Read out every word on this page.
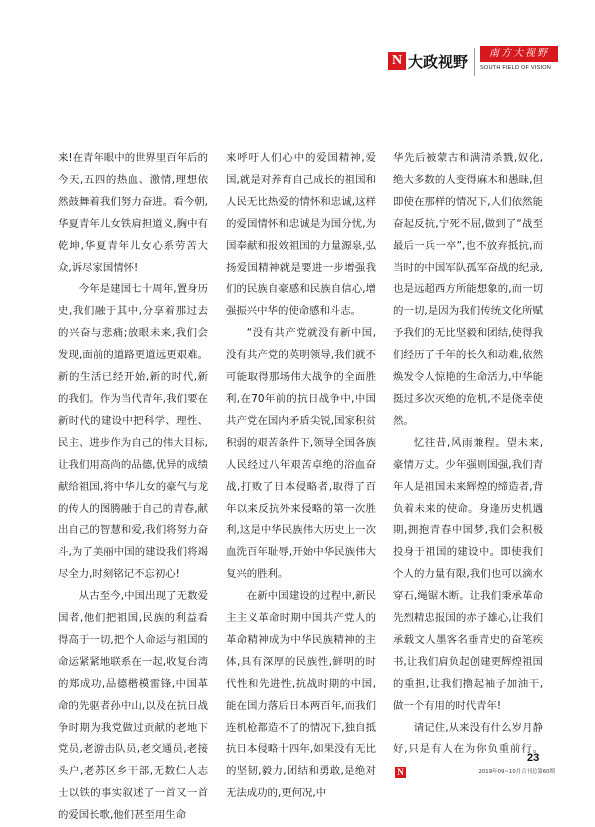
N 大政视野	南方大视野
SOUTH FIELD OF VISION

来!在青年眼中的世界里百年后的今天,五四的热血、激情,理想依然鼓舞着我们努力奋进。看今朝,华夏青年儿女铁肩担道义,胸中有乾坤,华夏青年儿女心系劳苦大众,诉尽家国情怀!

今年是建国七十周年,置身历史,我们融于其中,分享着那过去的兴奋与悲痛;放眼未来,我们会发现,面前的道路更道远更艰难。新的生活已经开始,新的时代,新的我们。作为当代青年,我们要在新时代的建设中把科学、理性、民主、进步作为自己的伟大目标,让我们用高尚的品德,优异的成绩献给祖国,将中华儿女的豪气与龙的传人的图腾融于自己的青春,献出自己的智慧和爱,我们将努力奋斗,为了美丽中国的建设我们将竭尽全力,时刻铭记不忘初心!

从古至今,中国出现了无数爱国者,他们把祖国,民族的利益看得高于一切,把个人命运与祖国的命运紧紧地联系在一起,收复台湾的郑成功,品德楷模雷锋,中国革命的先驱者孙中山,以及在抗日战争时期为我党做过贡献的老地下党员,老游击队员,老交通员,老接头户,老苏区乡干部,无数仁人志士以铁的事实叙述了一首又一首的爱国长歌,他们甚至用生命

来呼吁人们心中的爱国精神,爱国,就是对养育自己成长的祖国和人民无比热爱的情怀和忠诚,这样的爱国情怀和忠诚是为国分忧,为国奉献和报效祖国的力量源泉,弘扬爱国精神就是要进一步增强我们的民族自豪感和民族自信心,增强振兴中华的使命感和斗志。

“没有共产党就没有新中国,没有共产党的英明领导,我们就不可能取得那场伟大战争的全面胜利,在70年前的抗日战争中,中国共产党在国内矛盾尖锐,国家积贫积弱的艰苦条件下,领导全国各族人民经过八年艰苦卓绝的浴血奋战,打败了日本侵略者,取得了百年以来反抗外来侵略的第一次胜利,这是中华民族伟大历史上一次血洗百年耻辱,开始中华民族伟大复兴的胜利。

在新中国建设的过程中,新民主主义革命时期中国共产党人的革命精神成为中华民族精神的主体,具有深厚的民族性,鲜明的时代性和先进性,抗战时期的中国,能在国力落后日本两百年,而我们连机枪都造不了的情况下,独自抵抗日本侵略十四年,如果没有无比的坚韧,毅力,团结和勇敢,是绝对无法成功的,更何况,中

华先后被蒙古和满清杀戮,奴化,绝大多数的人变得麻木和愚昧,但即使在那样的情况下,人们依然能奋起反抗,宁死不屈,做到了“战至最后一兵一卒”,也不放弃抵抗,而当时的中国军队孤军奋战的纪录,也是远超西方所能想象的,而一切的一切,是因为我们传统文化所赋予我们的无比坚毅和团结,使得我们经历了千年的长久和动难,依然焕发令人惊艳的生命活力,中华能挺过多次灭绝的危机,不是侥幸使然。

忆往昔,风雨兼程。望未来,豪情万丈。少年强则国强,我们青年人是祖国未来辉煌的缔造者,背负着未来的使命。身逢历史机遇期,拥抱青春中国梦,我们会积极投身于祖国的建设中。即使我们个人的力量有限,我们也可以滴水穿石,绳锯木断。让我们秉承革命先烈精忠报国的赤子雄心,让我们承载文人墨客名垂青史的奋笔疾书,让我们肩负起创建更辉煌祖国的重担,让我们撸起袖子加油干,做一个有用的时代青年!

请记住,从来没有什么岁月静好,只是有人在为你负重前行。N

23
2019年09~10月合刊总第60期
